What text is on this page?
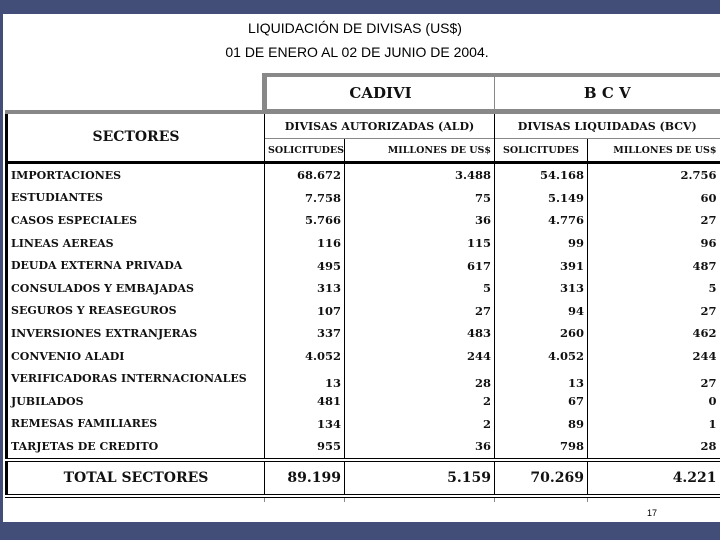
LIQUIDACIÓN DE DIVISAS (US$)
01 DE ENERO AL 02 DE JUNIO DE 2004.
	CADIVI		B C V	
SECTORES	DIVISAS AUTORIZADAS (ALD)		DIVISAS LIQUIDADAS (BCV)	
	SOLICITUDES	MILLONES DE US$	SOLICITUDES	MILLONES DE US$
IMPORTACIONES	68.672	3.488	54.168	2.756
ESTUDIANTES	7.758	75	5.149	60
CASOS ESPECIALES	5.766	36	4.776	27
LINEAS AEREAS	116	115	99	96
DEUDA EXTERNA PRIVADA	495	617	391	487
CONSULADOS Y EMBAJADAS	313	5	313	5
SEGUROS Y REASEGUROS	107	27	94	27
INVERSIONES EXTRANJERAS	337	483	260	462
CONVENIO ALADI	4.052	244	4.052	244
VERIFICADORAS INTERNACIONALES	13	28	13	27
JUBILADOS	481	2	67	0
REMESAS FAMILIARES	134	2	89	1
TARJETAS DE CREDITO	955	36	798	28
TOTAL SECTORES	89.199	5.159	70.269	4.221

17
